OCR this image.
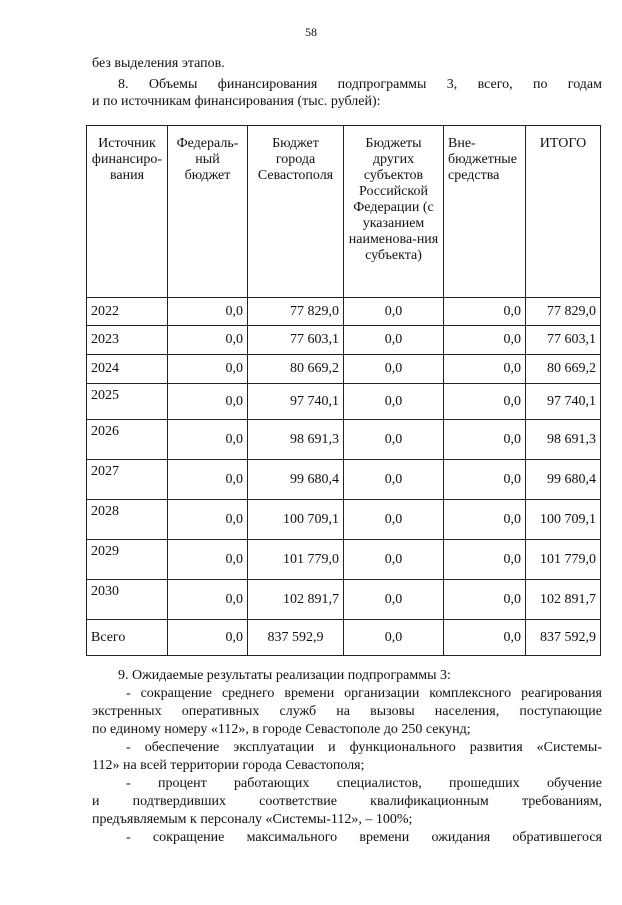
58
без выделения этапов.
8. Объемы финансирования подпрограммы 3, всего, по годам
и по источникам финансирования (тыс. рублей):
Источник финансиро-вания	Федераль-ный бюджет	Бюджет города Севастополя	Бюджеты других субъектов Российской Федерации (с указанием наименова-ния субъекта)	Вне-бюджетные средства	ИТОГО
2022	0,0	77 829,0	0,0	0,0	77 829,0
2023	0,0	77 603,1	0,0	0,0	77 603,1
2024	0,0	80 669,2	0,0	0,0	80 669,2
2025	0,0	97 740,1	0,0	0,0	97 740,1
2026	0,0	98 691,3	0,0	0,0	98 691,3
2027	0,0	99 680,4	0,0	0,0	99 680,4
2028	0,0	100 709,1	0,0	0,0	100 709,1
2029	0,0	101 779,0	0,0	0,0	101 779,0
2030	0,0	102 891,7	0,0	0,0	102 891,7
Всего	0,0	837 592,9	0,0	0,0	837 592,9
9. Ожидаемые результаты реализации подпрограммы 3:
- сокращение среднего времени организации комплексного реагирования
экстренных оперативных служб на вызовы населения, поступающие
по единому номеру «112», в городе Севастополе до 250 секунд;
- обеспечение эксплуатации и функционального развития «Системы-
112» на всей территории города Севастополя;
- процент работающих специалистов, прошедших обучение
и подтвердивших соответствие квалификационным требованиям,
предъявляемым к персоналу «Системы-112», – 100%;
- сокращение максимального времени ожидания обратившегося
